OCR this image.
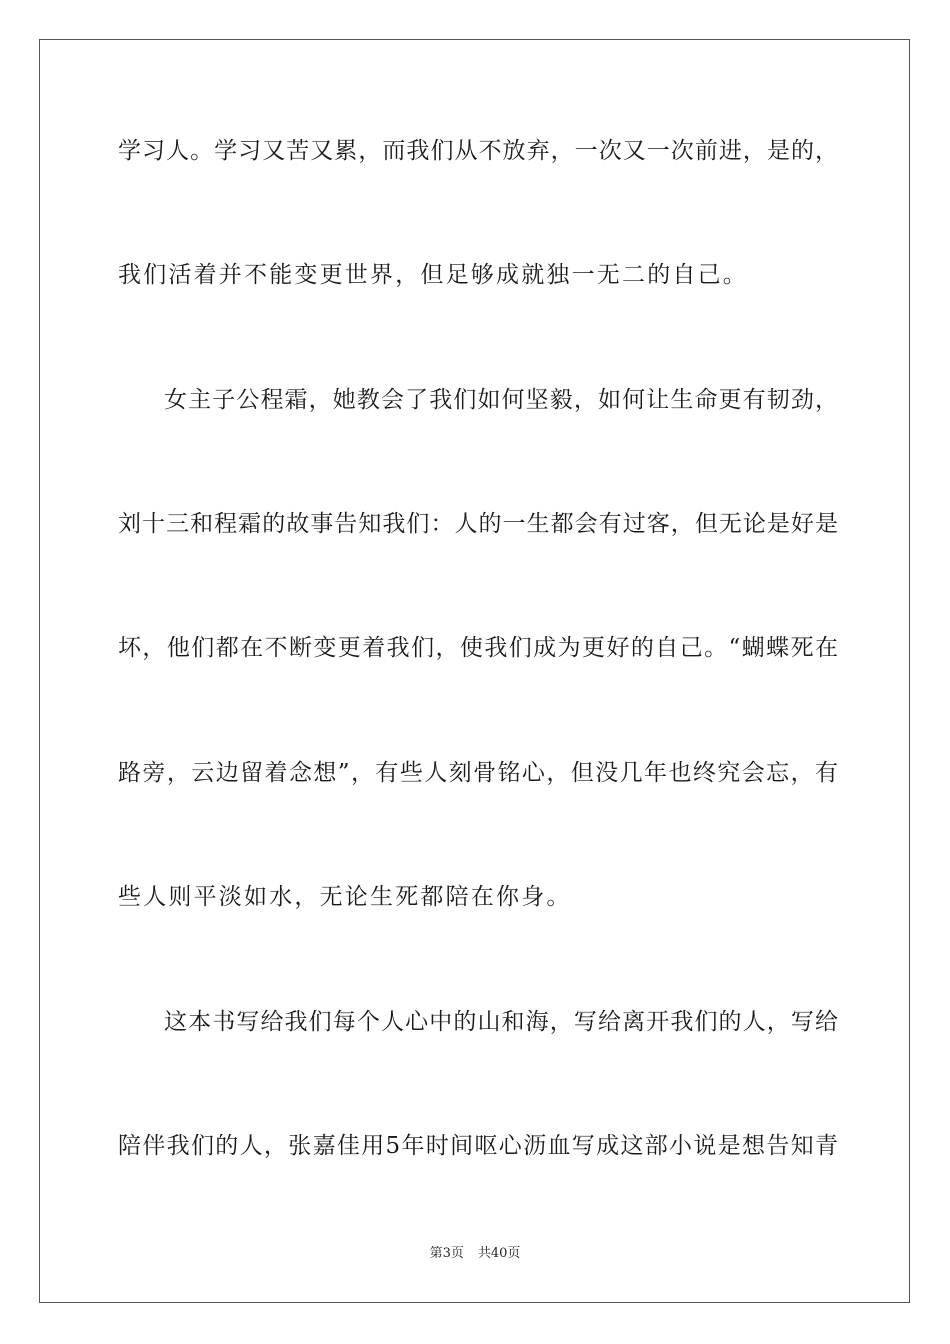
学习人。学习又苦又累，而我们从不放弃，一次又一次前进，是的，
我们活着并不能变更世界，但足够成就独一无二的自己。
女主子公程霜，她教会了我们如何坚毅，如何让生命更有韧劲，
刘十三和程霜的故事告知我们：人的一生都会有过客，但无论是好是
坏，他们都在不断变更着我们，使我们成为更好的自己。“蝴蝶死在
路旁，云边留着念想”，有些人刻骨铭心，但没几年也终究会忘，有
些人则平淡如水，无论生死都陪在你身。
这本书写给我们每个人心中的山和海，写给离开我们的人，写给
陪伴我们的人，张嘉佳用5年时间呕心沥血写成这部小说是想告知青
第3页 共40页
